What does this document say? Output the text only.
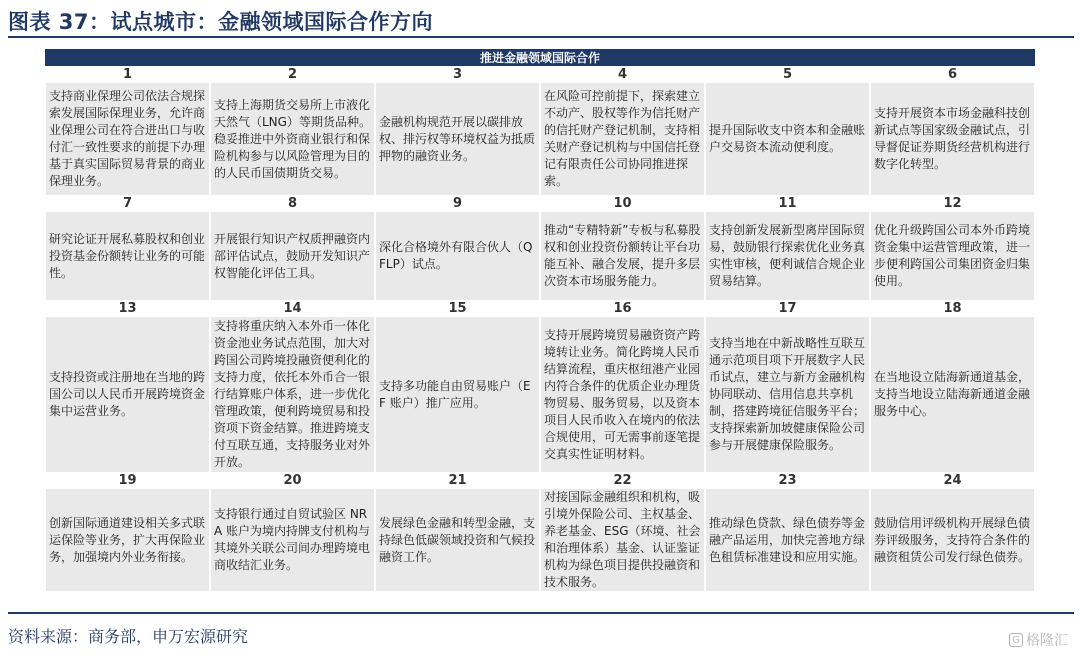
图表 37：试点城市：金融领域国际合作方向
推进金融领域国际合作					
1	2	3	4	5	6
支持商业保理公司依法合规探索发展国际保理业务，允许商业保理公司在符合进出口与收付汇一致性要求的前提下办理基于真实国际贸易背景的商业保理业务。	支持上海期货交易所上市液化天然气（LNG）等期货品种。稳妥推进中外资商业银行和保险机构参与以风险管理为目的的人民币国债期货交易。	金融机构规范开展以碳排放权、排污权等环境权益为抵质押物的融资业务。	在风险可控前提下，探索建立不动产、股权等作为信托财产的信托财产登记机制，支持相关财产登记机构与中国信托登记有限责任公司协同推进探索。	提升国际收支中资本和金融账户交易资本流动便利度。	支持开展资本市场金融科技创新试点等国家级金融试点，引导督促证券期货经营机构进行数字化转型。
7	8	9	10	11	12
研究论证开展私募股权和创业投资基金份额转让业务的可能性。	开展银行知识产权质押融资内部评估试点，鼓励开发知识产权智能化评估工具。	深化合格境外有限合伙人（QFLP）试点。	推动“专精特新”专板与私募股权和创业投资份额转让平台功能互补、融合发展，提升多层次资本市场服务能力。	支持创新发展新型离岸国际贸易，鼓励银行探索优化业务真实性审核，便利诚信合规企业贸易结算。	优化升级跨国公司本外币跨境资金集中运营管理政策，进一步便利跨国公司集团资金归集使用。
13	14	15	16	17	18
支持投资或注册地在当地的跨国公司以人民币开展跨境资金集中运营业务。	支持将重庆纳入本外币一体化资金池业务试点范围，加大对跨国公司跨境投融资便利化的支持力度，依托本外币合一银行结算账户体系，进一步优化管理政策，便利跨境贸易和投资项下资金结算。推进跨境支付互联互通，支持服务业对外开放。	支持多功能自由贸易账户（EF 账户）推广应用。	支持开展跨境贸易融资资产跨境转让业务。简化跨境人民币结算流程，重庆枢纽港产业园内符合条件的优质企业办理货物贸易、服务贸易，以及资本项目人民币收入在境内的依法合规使用，可无需事前逐笔提交真实性证明材料。	支持当地在中新战略性互联互通示范项目项下开展数字人民币试点，建立与新方金融机构协同联动、信用信息共享机制，搭建跨境征信服务平台；支持探索新加坡健康保险公司参与开展健康保险服务。	在当地设立陆海新通道基金，支持当地设立陆海新通道金融服务中心。
19	20	21	22	23	24
创新国际通道建设相关多式联运保险等业务，扩大再保险业务，加强境内外业务衔接。	支持银行通过自贸试验区 NRA 账户为境内持牌支付机构与其境外关联公司间办理跨境电商收结汇业务。	发展绿色金融和转型金融，支持绿色低碳领域投资和气候投融资工作。	对接国际金融组织和机构，吸引境外保险公司、主权基金、养老基金、ESG（环境、社会和治理体系）基金、认证鉴证机构为绿色项目提供投融资和技术服务。	推动绿色贷款、绿色债券等金融产品运用，加快完善地方绿色租赁标准建设和应用实施。	鼓励信用评级机构开展绿色债券评级服务，支持符合条件的融资租赁公司发行绿色债券。
资料来源：商务部，申万宏源研究	G 格隆汇
